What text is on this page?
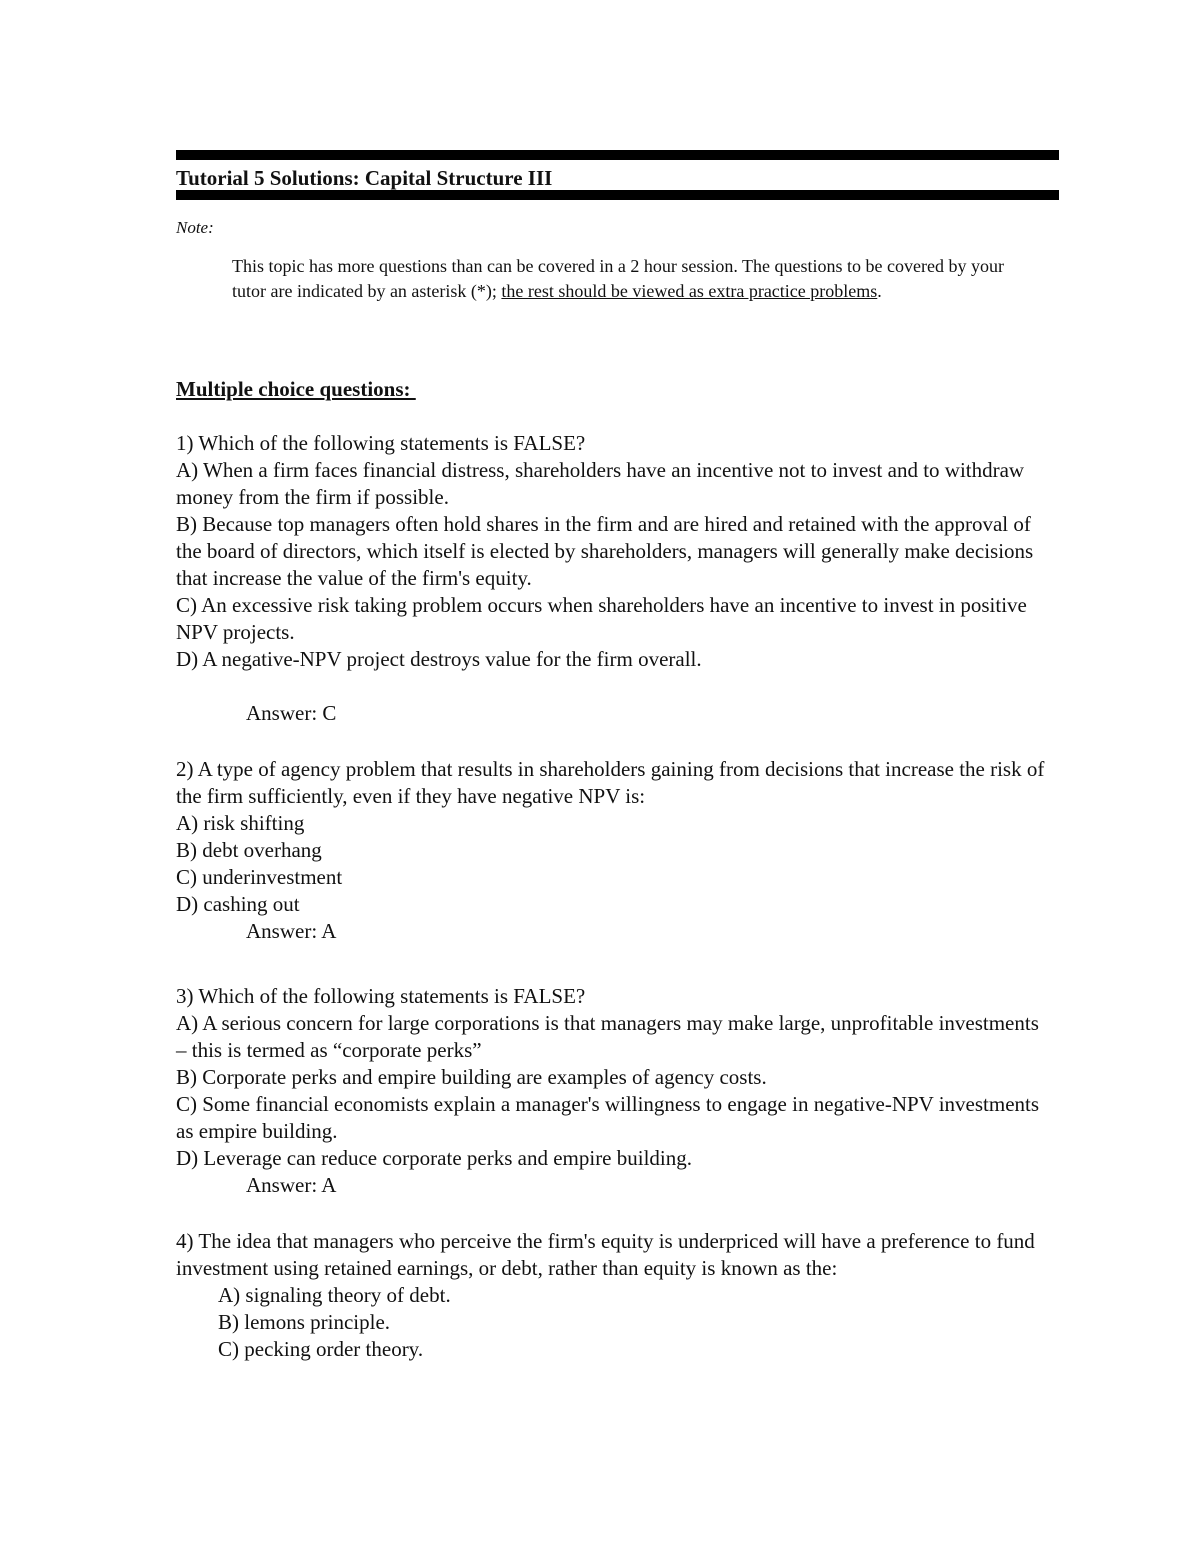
Tutorial 5 Solutions: Capital Structure III
Note:
This topic has more questions than can be covered in a 2 hour session. The questions to be covered by your tutor are indicated by an asterisk (*); the rest should be viewed as extra practice problems.
Multiple choice questions:

1) Which of the following statements is FALSE?

A) When a firm faces financial distress, shareholders have an incentive not to invest and to withdraw money from the firm if possible.

B) Because top managers often hold shares in the firm and are hired and retained with the approval of the board of directors, which itself is elected by shareholders, managers will generally make decisions that increase the value of the firm's equity.

C) An excessive risk taking problem occurs when shareholders have an incentive to invest in positive NPV projects.

D) A negative-NPV project destroys value for the firm overall.

Answer: C

2) A type of agency problem that results in shareholders gaining from decisions that increase the risk of the firm sufficiently, even if they have negative NPV is:

A) risk shifting

B) debt overhang

C) underinvestment

D) cashing out

Answer: A

3) Which of the following statements is FALSE?

A) A serious concern for large corporations is that managers may make large, unprofitable investments – this is termed as “corporate perks”

B) Corporate perks and empire building are examples of agency costs.

C) Some financial economists explain a manager's willingness to engage in negative-NPV investments as empire building.

D) Leverage can reduce corporate perks and empire building.

Answer: A

4) The idea that managers who perceive the firm's equity is underpriced will have a preference to fund investment using retained earnings, or debt, rather than equity is known as the:

A) signaling theory of debt.

B) lemons principle.

C) pecking order theory.
